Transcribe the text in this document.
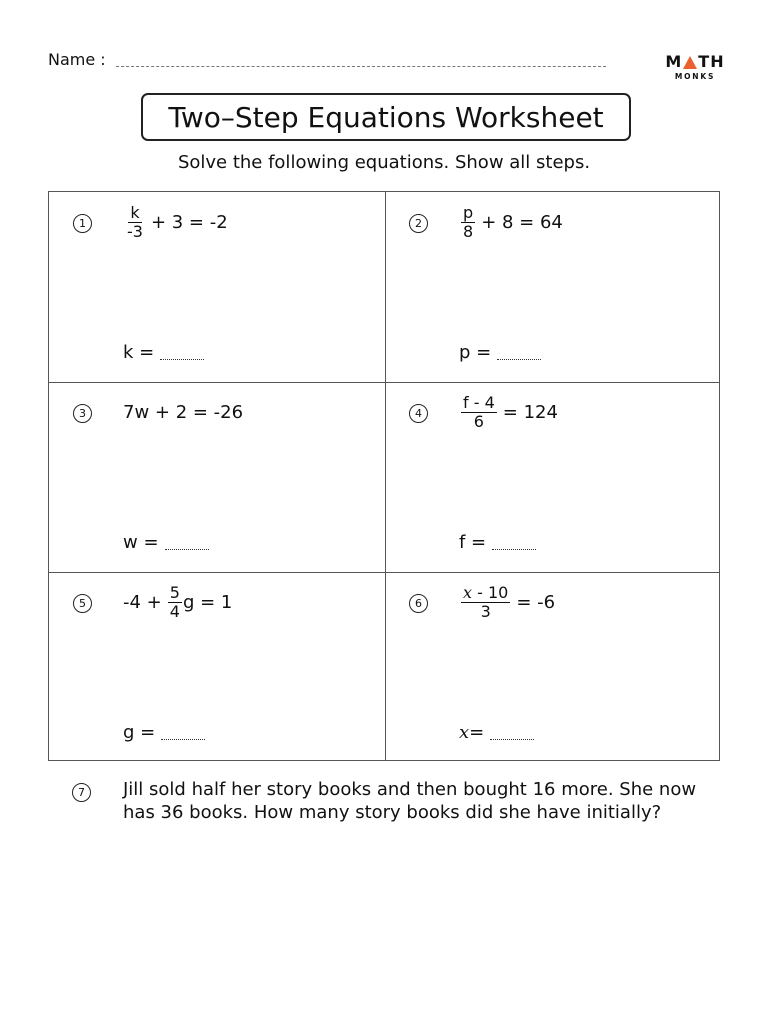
Name :	M TH
MONKS
Two–Step Equations Worksheet
Solve the following equations. Show all steps.
1	$\frac{k}{-3} + 3 = -2$
k =
2	$\frac{p}{8} + 8 = 64$
p =
3	7w + 2 = -26
w =
4	$\frac{f - 4}{6} = 124$
f =
5	$-4 + \frac{5}{4}$ g = 1
g =
6	$\frac{x - 10}{3} = -6$
x =
7	Jill sold half her story books and then bought 16 more. She now has 36 books. How many story books did she have initially?
